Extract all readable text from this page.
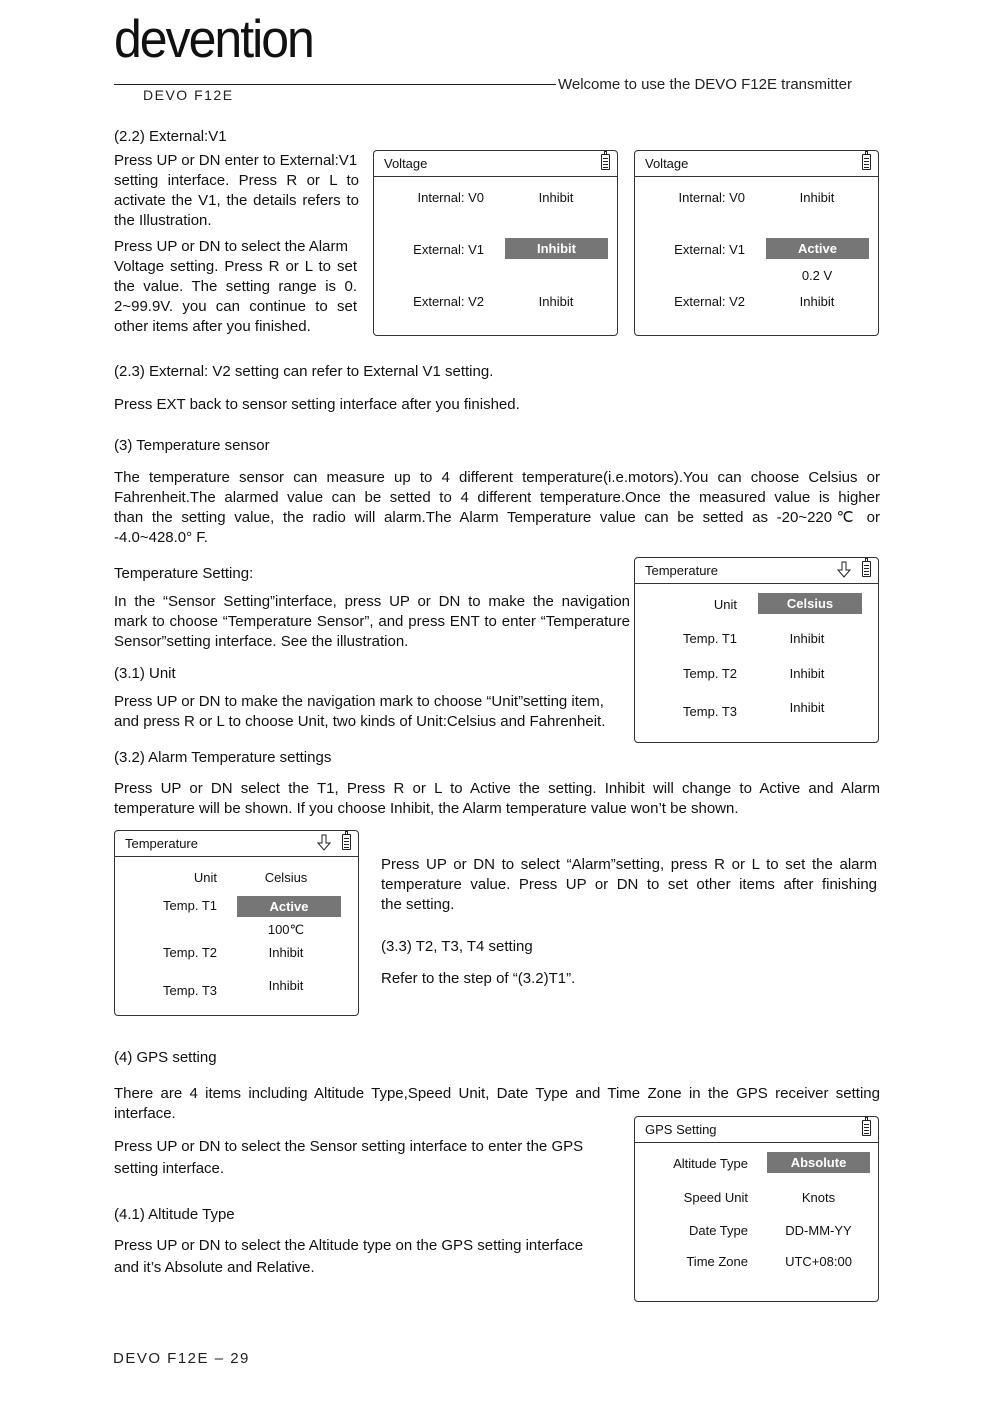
devention
DEVO F12E
Welcome to use the DEVO F12E transmitter
(2.2) External:V1
Press UP or DN enter to External:V1
setting interface. Press R or L to
activate the V1, the details refers to
the Illustration.
Press UP or DN to select the Alarm
Voltage setting. Press R or L to set
the value. The setting range is 0.
2~99.9V. you can continue to set
other items after you finished.
Voltage
Internal: V0	Inhibit
External: V1	Inhibit
External: V2	Inhibit
Voltage
Internal: V0	Inhibit
External: V1	Active
0.2 V
External: V2	Inhibit
(2.3) External: V2 setting can refer to External V1 setting.
Press EXT back to sensor setting interface after you finished.
(3) Temperature sensor
The temperature sensor can measure up to 4 different temperature(i.e.motors).You can choose Celsius or
Fahrenheit.The alarmed value can be setted to 4 different temperature.Once the measured value is higher
than the setting value, the radio will alarm.The Alarm Temperature value can be setted as -20~220℃ or
-4.0~428.0° F.
Temperature Setting:
In the “Sensor Setting”interface, press UP or DN to make the navigation
mark to choose “Temperature Sensor”, and press ENT to enter “Temperature
Sensor”setting interface. See the illustration.
(3.1) Unit
Press UP or DN to make the navigation mark to choose “Unit”setting item,
and press R or L to choose Unit, two kinds of Unit:Celsius and Fahrenheit.
Temperature
Unit	Celsius
Temp. T1	Inhibit
Temp. T2	Inhibit
Temp. T3	Inhibit
(3.2) Alarm Temperature settings
Press UP or DN select the T1, Press R or L to Active the setting. Inhibit will change to Active and Alarm
temperature will be shown. If you choose Inhibit, the Alarm temperature value won’t be shown.
Temperature
Unit	Celsius
Temp. T1	Active
100℃
Temp. T2	Inhibit
Temp. T3	Inhibit
Press UP or DN to select “Alarm”setting, press R or L to set the alarm
temperature value. Press UP or DN to set other items after finishing
the setting.
(3.3) T2, T3, T4 setting
Refer to the step of “(3.2)T1”.
(4) GPS setting
There are 4 items including Altitude Type,Speed Unit, Date Type and Time Zone in the GPS receiver setting
interface.
Press UP or DN to select the Sensor setting interface to enter the GPS
setting interface.
(4.1) Altitude Type
Press UP or DN to select the Altitude type on the GPS setting interface
and it’s Absolute and Relative.
GPS Setting
Altitude Type	Absolute
Speed Unit	Knots
Date Type	DD-MM-YY
Time Zone	UTC+08:00
DEVO F12E – 29
